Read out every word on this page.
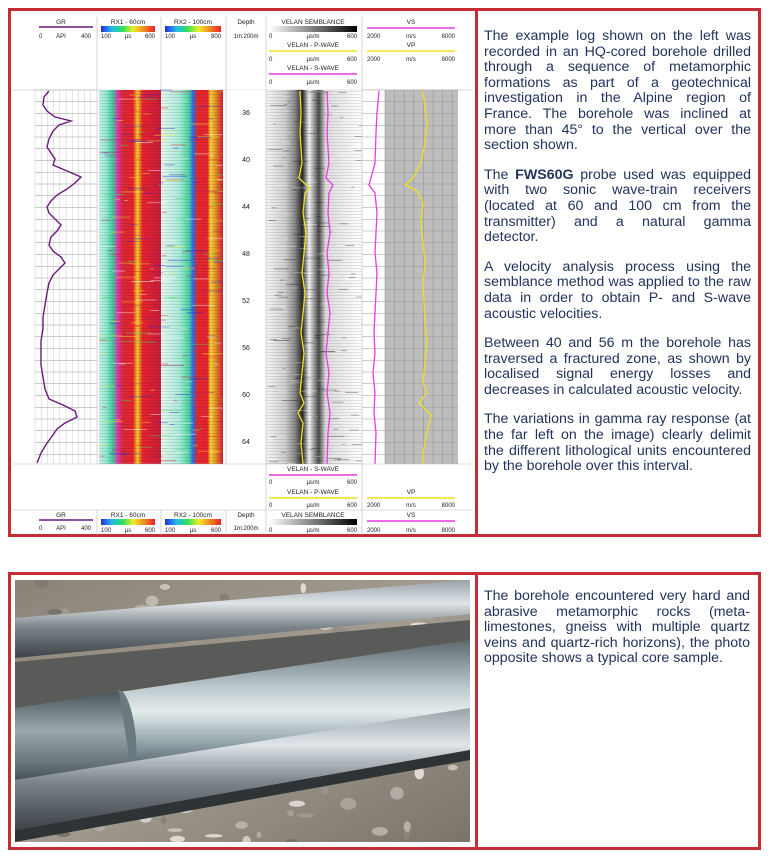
GR
0 API	400
RX1 - 60cm
100 µs 600
RX2 - 100cm
100 µs 800
Depth
1m:200m
VELAN SEMBLANCE
0	µs/m	600
VELAN - P-WAVE
0	µs/m	600
VELAN - S-WAVE
0	µs/m	600
VS
2000	m/s	8000
VP
2000	m/s	8000
36
40
44
48
52
56
60
64
VELAN - S-WAVE
0	µs/m	600
VELAN - P-WAVE
0	µs/m	600
VP
2000	m/s	8000
GR
0 API	400
RX1 - 60cm
100 µs 600
RX2 - 100cm
100 µs 600
Depth
1m:200m
VELAN SEMBLANCE
0	µs/m	600
VS
2000	m/s	8000

The example log shown on the left was recorded in an HQ-cored borehole drilled through a sequence of metamorphic formations as part of a geotechnical investigation in the Alpine region of France. The borehole was inclined at more than 45° to the vertical over the section shown.

The FWS60G probe used was equipped with two sonic wave-train receivers (located at 60 and 100 cm from the transmitter) and a natural gamma detector.

A velocity analysis process using the semblance method was applied to the raw data in order to obtain P- and S-wave acoustic velocities.

Between 40 and 56 m the borehole has traversed a fractured zone, as shown by localised signal energy losses and decreases in calculated acoustic velocity.

The variations in gamma ray response (at the far left on the image) clearly delimit the different lithological units encountered by the borehole over this interval.

The borehole encountered very hard and abrasive metamorphic rocks (meta-limestones, gneiss with multiple quartz veins and quartz-rich horizons), the photo opposite shows a typical core sample.
